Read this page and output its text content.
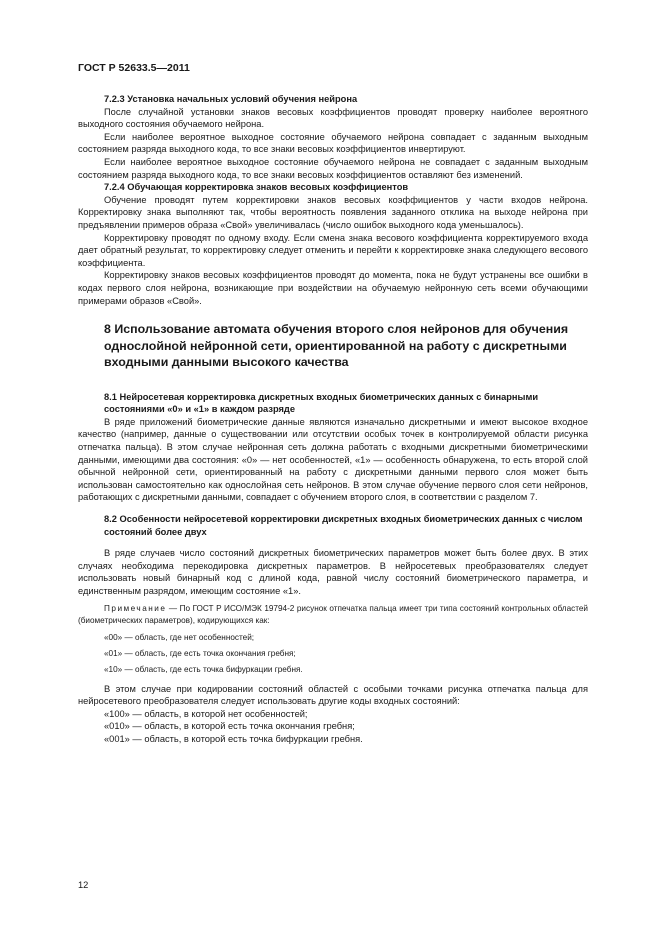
ГОСТ Р 52633.5—2011

7.2.3 Установка начальных условий обучения нейрона

После случайной установки знаков весовых коэффициентов проводят проверку наиболее вероятного выходного состояния обучаемого нейрона.

Если наиболее вероятное выходное состояние обучаемого нейрона совпадает с заданным выходным состоянием разряда выходного кода, то все знаки весовых коэффициентов инвертируют.

Если наиболее вероятное выходное состояние обучаемого нейрона не совпадает с заданным выходным состоянием разряда выходного кода, то все знаки весовых коэффициентов оставляют без изменений.

7.2.4 Обучающая корректировка знаков весовых коэффициентов

Обучение проводят путем корректировки знаков весовых коэффициентов у части входов нейрона. Корректировку знака выполняют так, чтобы вероятность появления заданного отклика на выходе нейрона при предъявлении примеров образа «Свой» увеличивалась (число ошибок выходного кода уменьшалось).

Корректировку проводят по одному входу. Если смена знака весового коэффициента корректируемого входа дает обратный результат, то корректировку следует отменить и перейти к корректировке знака следующего весового коэффициента.

Корректировку знаков весовых коэффициентов проводят до момента, пока не будут устранены все ошибки в кодах первого слоя нейрона, возникающие при воздействии на обучаемую нейронную сеть всеми обучающими примерами образов «Свой».

8 Использование автомата обучения второго слоя нейронов для обучения однослойной нейронной сети, ориентированной на работу с дискретными входными данными высокого качества

8.1 Нейросетевая корректировка дискретных входных биометрических данных с бинарными состояниями «0» и «1» в каждом разряде

В ряде приложений биометрические данные являются изначально дискретными и имеют высокое входное качество (например, данные о существовании или отсутствии особых точек в контролируемой области рисунка отпечатка пальца). В этом случае нейронная сеть должна работать с входными дискретными биометрическими данными, имеющими два состояния: «0» — нет особенностей, «1» — особенность обнаружена, то есть второй слой обычной нейронной сети, ориентированный на работу с дискретными данными первого слоя может быть использован самостоятельно как однослойная сеть нейронов. В этом случае обучение первого слоя сети нейронов, работающих с дискретными данными, совпадает с обучением второго слоя, в соответствии с разделом 7.

8.2 Особенности нейросетевой корректировки дискретных входных биометрических данных с числом состояний более двух

В ряде случаев число состояний дискретных биометрических параметров может быть более двух. В этих случаях необходима перекодировка дискретных параметров. В нейросетевых преобразователях следует использовать новый бинарный код с длиной кода, равной числу состояний биометрического параметра, и единственным разрядом, имеющим состояние «1».

Примечание — По ГОСТ Р ИСО/МЭК 19794-2 рисунок отпечатка пальца имеет три типа состояний контрольных областей (биометрических параметров), кодирующихся как:

«00» — область, где нет особенностей;

«01» — область, где есть точка окончания гребня;

«10» — область, где есть точка бифуркации гребня.

В этом случае при кодировании состояний областей с особыми точками рисунка отпечатка пальца для нейросетевого преобразователя следует использовать другие коды входных состояний:

«100» — область, в которой нет особенностей;

«010» — область, в которой есть точка окончания гребня;

«001» — область, в которой есть точка бифуркации гребня.

12
